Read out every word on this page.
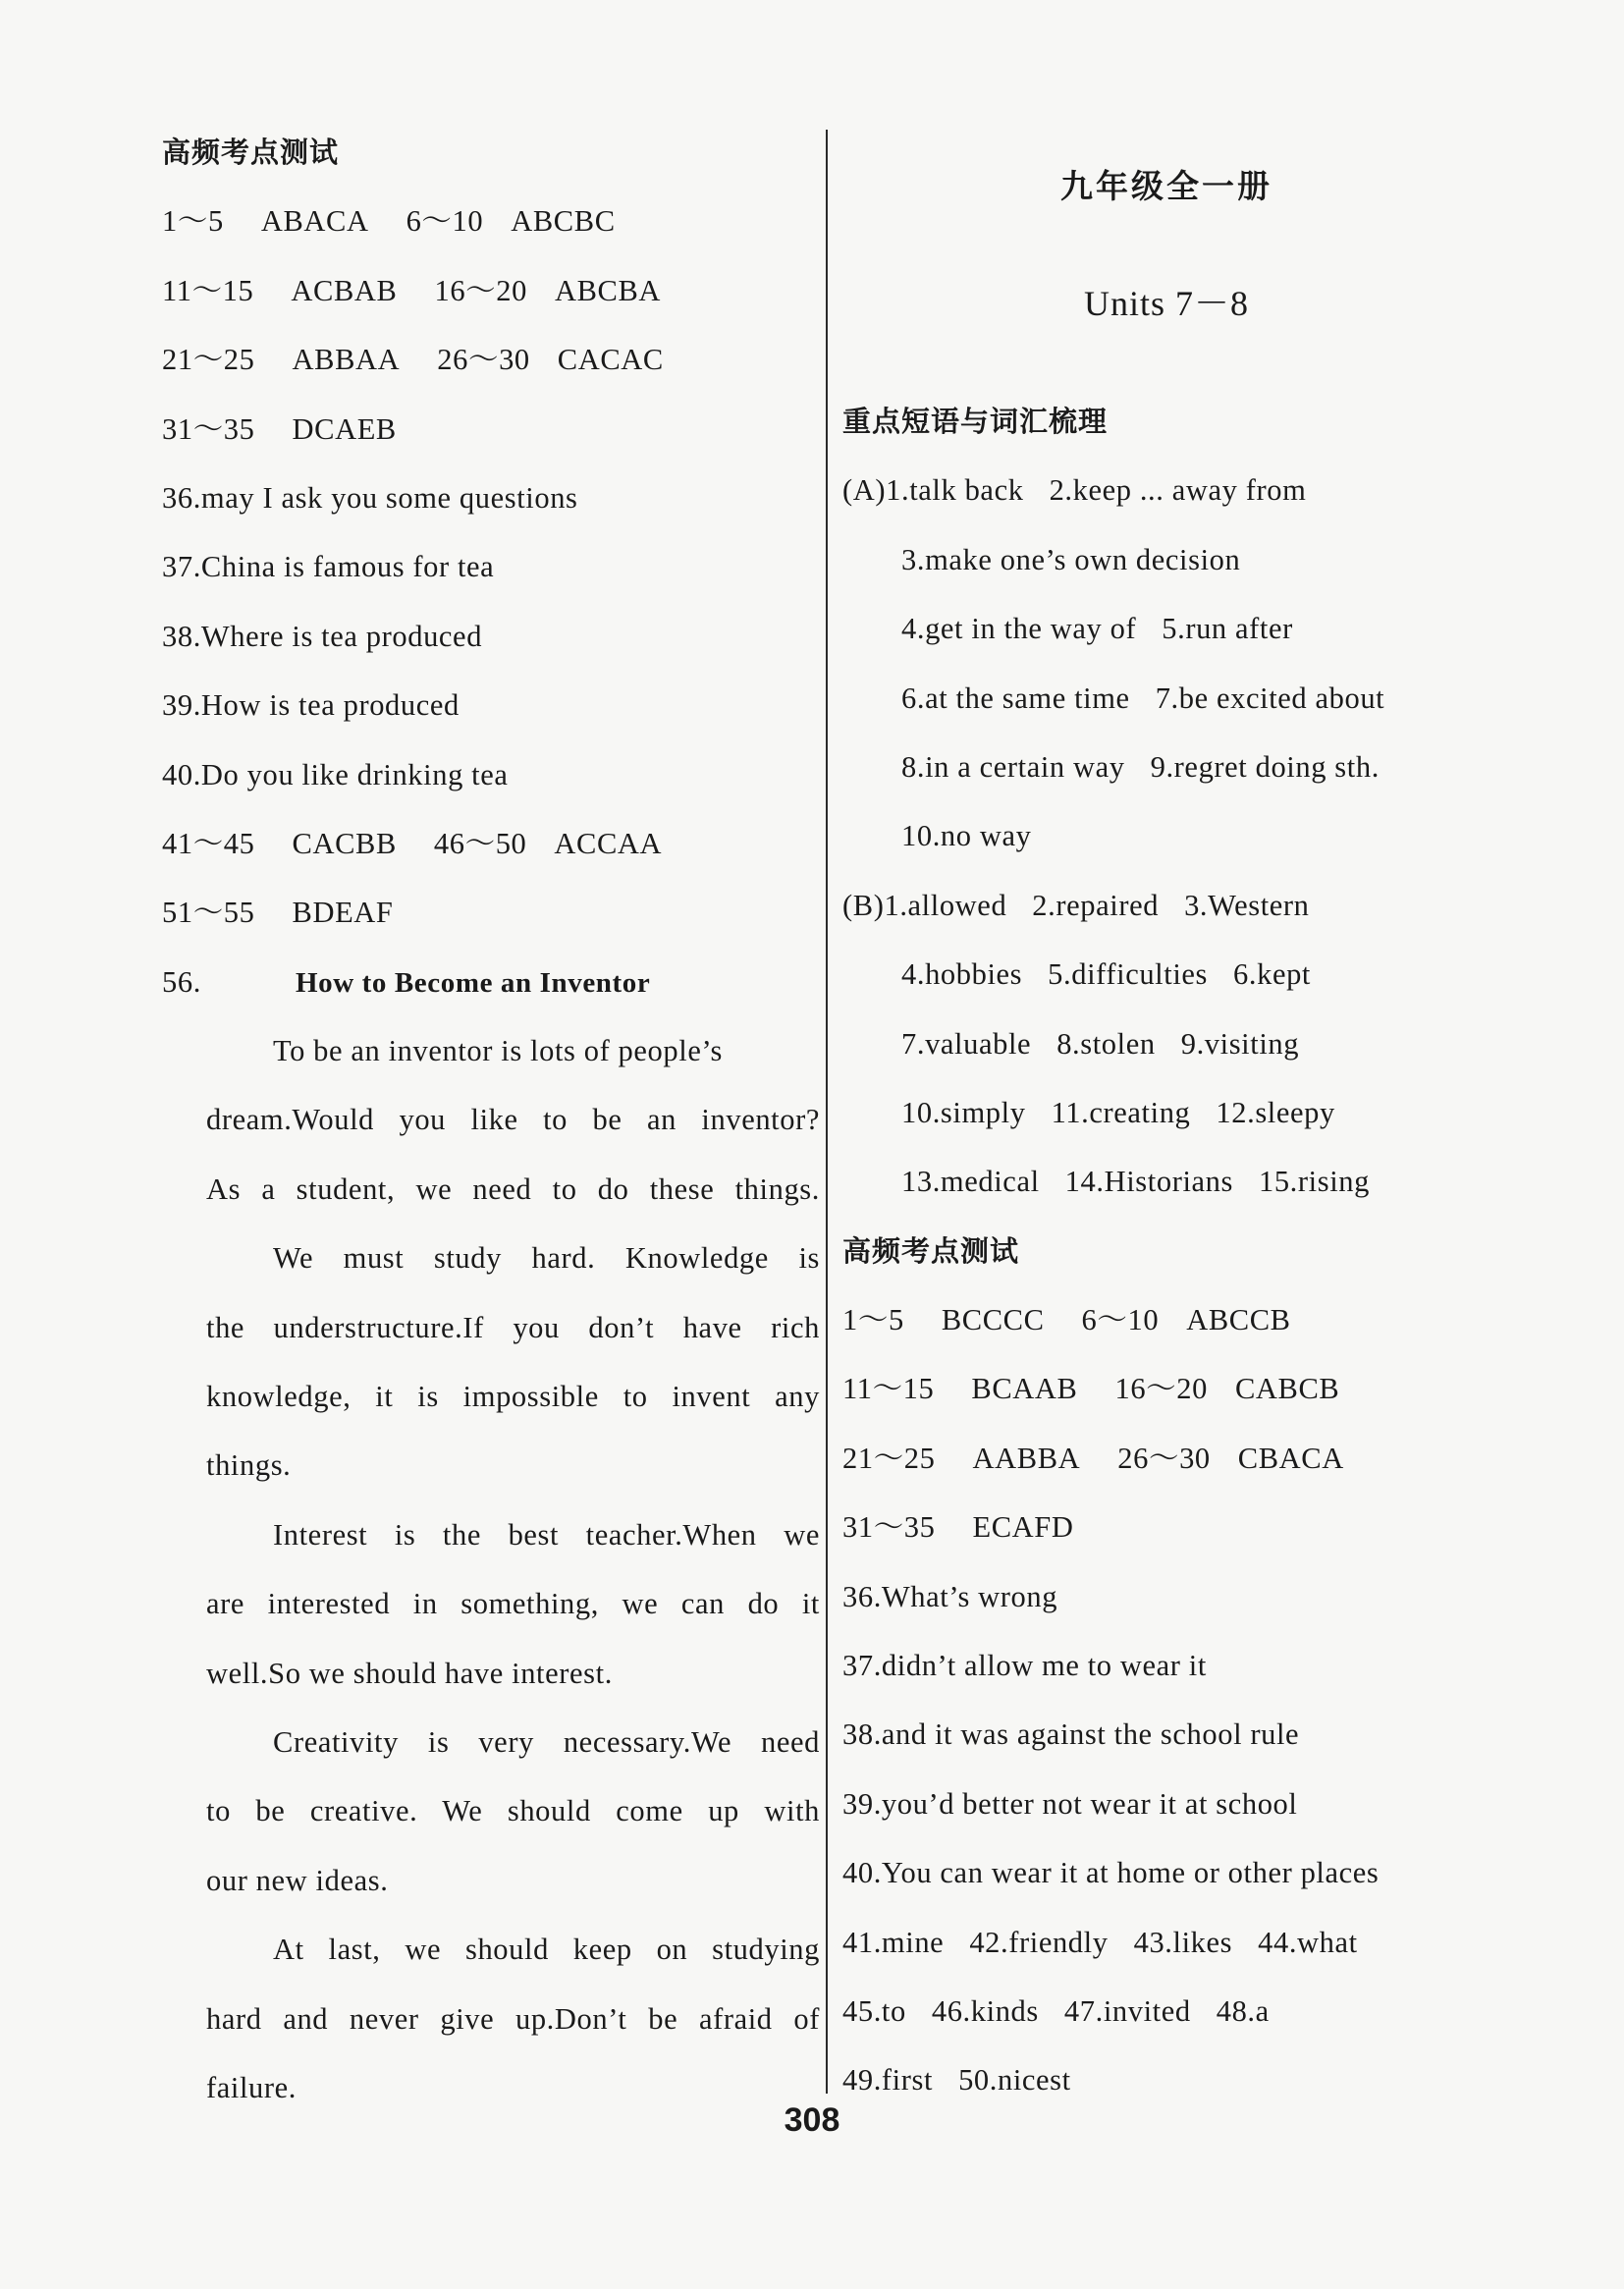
高频考点测试
1～5 ABACA 6～10 ABCBC
11～15 ACBAB 16～20 ABCBA
21～25 ABBAA 26～30 CACAC
31～35 DCAEB
36.may I ask you some questions
37.China is famous for tea
38.Where is tea produced
39.How is tea produced
40.Do you like drinking tea
41～45 CACBB 46～50 ACCAA
51～55 BDEAF
56.	How to Become an Inventor
To be an inventor is lots of people’s
dream.Would you like to be an inventor?
As a student, we need to do these things.
We must study hard. Knowledge is
the understructure.If you don’t have rich
knowledge, it is impossible to invent any
things.
Interest is the best teacher.When we
are interested in something, we can do it
well.So we should have interest.
Creativity is very necessary.We need
to be creative. We should come up with
our new ideas.
At last, we should keep on studying
hard and never give up.Don’t be afraid of
failure.
九年级全一册
Units 7－8
重点短语与词汇梳理
(A)1.talk back 2.keep ... away from
3.make one’s own decision
4.get in the way of 5.run after
6.at the same time 7.be excited about
8.in a certain way 9.regret doing sth.
10.no way
(B)1.allowed 2.repaired 3.Western
4.hobbies 5.difficulties 6.kept
7.valuable 8.stolen 9.visiting
10.simply 11.creating 12.sleepy
13.medical 14.Historians 15.rising
高频考点测试
1～5 BCCCC 6～10 ABCCB
11～15 BCAAB 16～20 CABCB
21～25 AABBA 26～30 CBACA
31～35 ECAFD
36.What’s wrong
37.didn’t allow me to wear it
38.and it was against the school rule
39.you’d better not wear it at school
40.You can wear it at home or other places
41.mine 42.friendly 43.likes 44.what
45.to 46.kinds 47.invited 48.a
49.first 50.nicest
308
